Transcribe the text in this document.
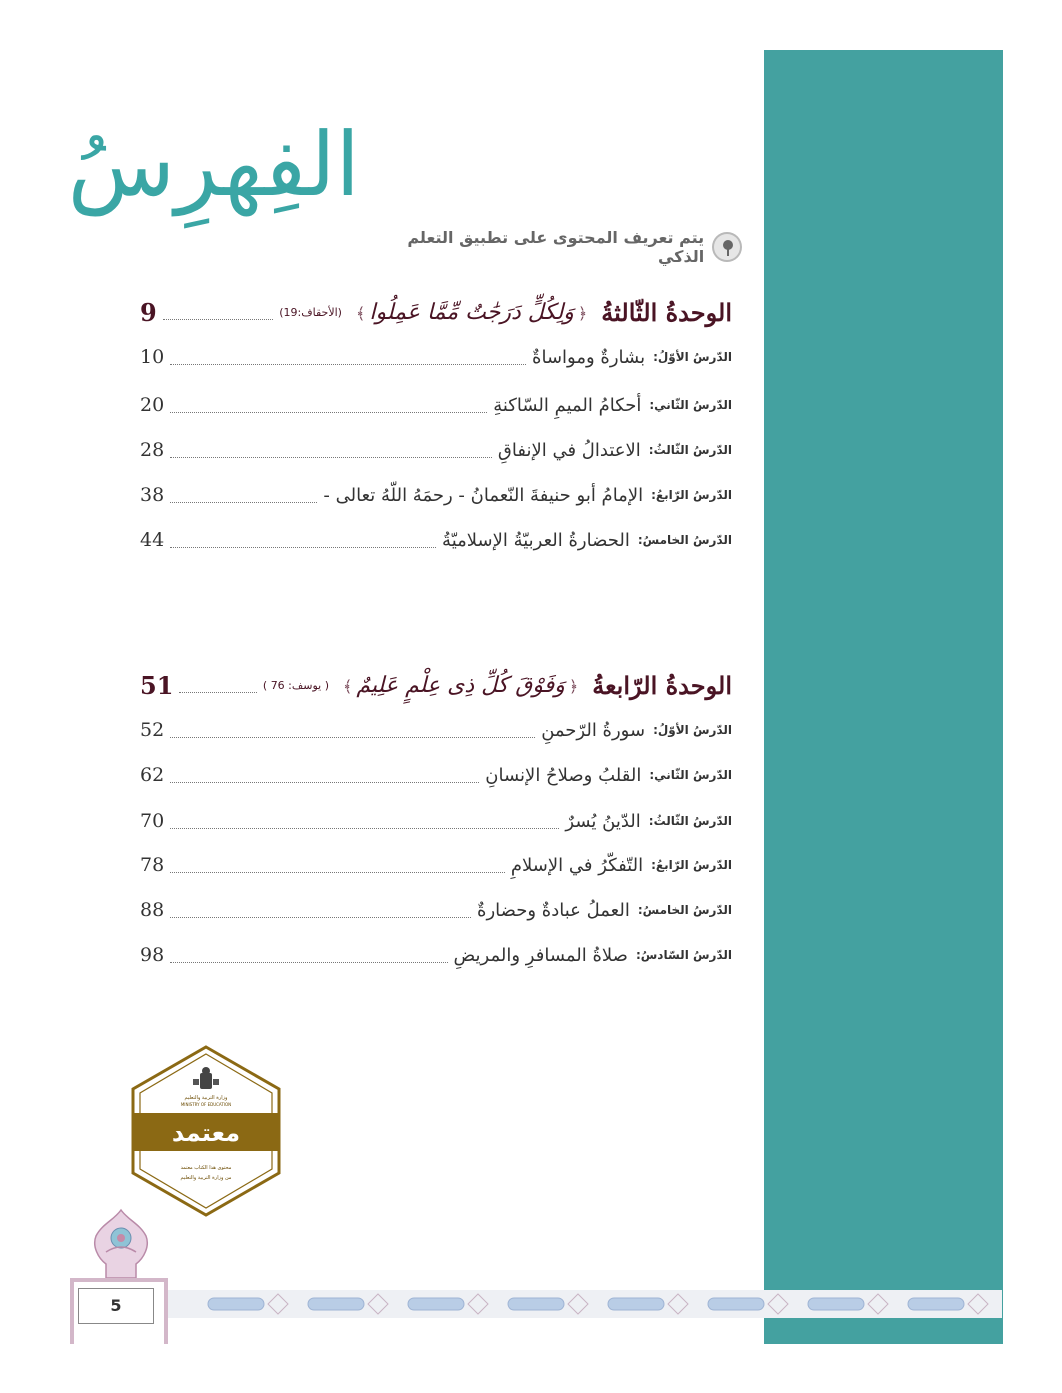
الفِهرِسُ
يتم تعريف المحتوى على تطبيق التعلم الذكي
الوحدةُ الثّالثةُ
﴿وَلِكُلٍّ دَرَجَٰتٌ مِّمَّا عَمِلُوا﴾
(الأحقاف:19)
9
الدّرسُ الأوّلُ:
بشارةٌ ومواساةٌ
10
الدّرسُ الثّاني:
أحكامُ الميمِ السّاكنةِ
20
الدّرسُ الثّالثُ:
الاعتدالُ في الإنفاقِ
28
الدّرسُ الرّابعُ:
الإمامُ أبو حنيفةَ النّعمانُ - رحمَهُ اللّهُ تعالى -
38
الدّرسُ الخامسُ:
الحضارةُ العربيّةُ الإسلاميّةُ
44
الوحدةُ الرّابعةُ
﴿وَفَوْقَ كُلِّ ذِى عِلْمٍ عَلِيمٌ﴾
( يوسف: 76 )
51
الدّرسُ الأوّلُ:
سورةُ الرّحمنِ
52
الدّرسُ الثّاني:
القلبُ وصلاحُ الإنسانِ
62
الدّرسُ الثّالثُ:
الدّينُ يُسرٌ
70
الدّرسُ الرّابعُ:
التّفكّرُ في الإسلامِ
78
الدّرسُ الخامسُ:
العملُ عبادةٌ وحضارةٌ
88
الدّرسُ السّادسُ:
صلاةُ المسافرِ والمريضِ
98
وزارة التربية والتعليم
MINISTRY OF EDUCATION
معتمد
محتوى هذا الكتاب معتمد
من وزارة التربية والتعليم
5
